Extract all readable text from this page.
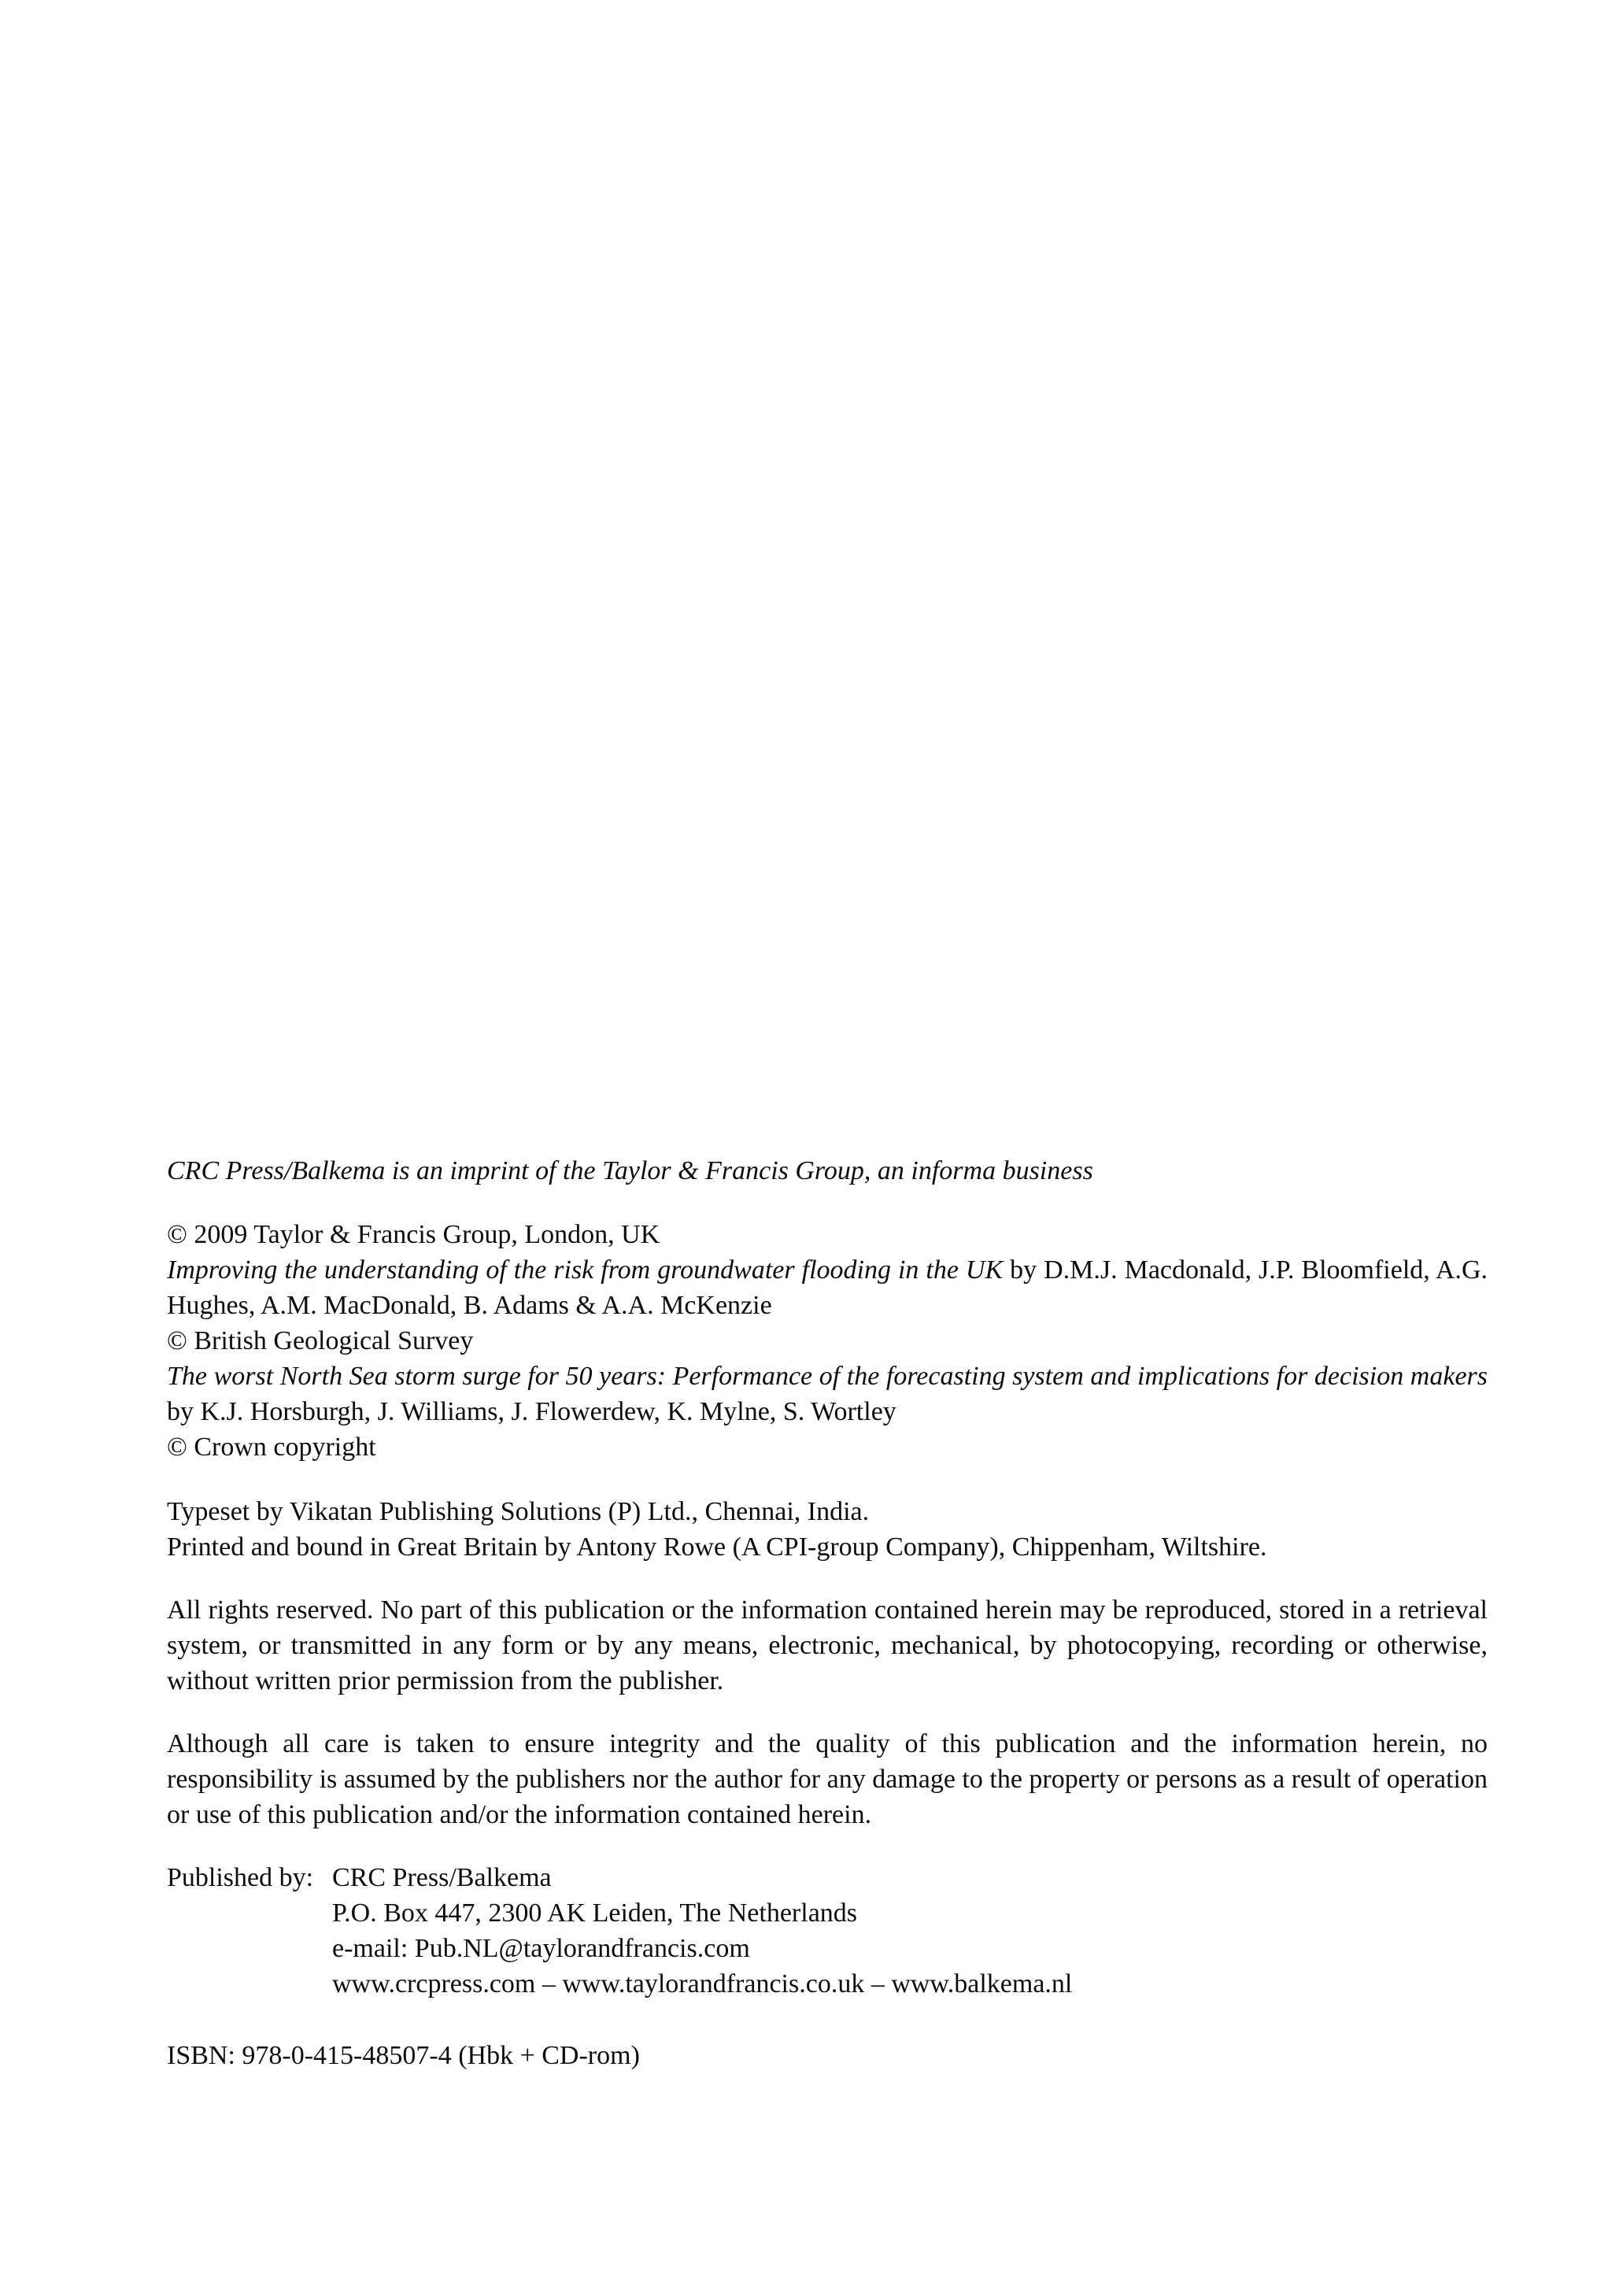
CRC Press/Balkema is an imprint of the Taylor & Francis Group, an informa business

© 2009 Taylor & Francis Group, London, UK

Improving the understanding of the risk from groundwater flooding in the UK by D.M.J. Macdonald, J.P. Bloomfield, A.G. Hughes, A.M. MacDonald, B. Adams & A.A. McKenzie

© British Geological Survey

The worst North Sea storm surge for 50 years: Performance of the forecasting system and implications for decision makers by K.J. Horsburgh, J. Williams, J. Flowerdew, K. Mylne, S. Wortley

© Crown copyright

Typeset by Vikatan Publishing Solutions (P) Ltd., Chennai, India.

Printed and bound in Great Britain by Antony Rowe (A CPI-group Company), Chippenham, Wiltshire.

All rights reserved. No part of this publication or the information contained herein may be reproduced, stored in a retrieval system, or transmitted in any form or by any means, electronic, mechanical, by photocopying, recording or otherwise, without written prior permission from the publisher.

Although all care is taken to ensure integrity and the quality of this publication and the information herein, no responsibility is assumed by the publishers nor the author for any damage to the property or persons as a result of operation or use of this publication and/or the information contained herein.

Published by: CRC Press/Balkema

P.O. Box 447, 2300 AK Leiden, The Netherlands

e-mail: Pub.NL@taylorandfrancis.com

www.crcpress.com – www.taylorandfrancis.co.uk – www.balkema.nl

ISBN: 978-0-415-48507-4 (Hbk + CD-rom)
